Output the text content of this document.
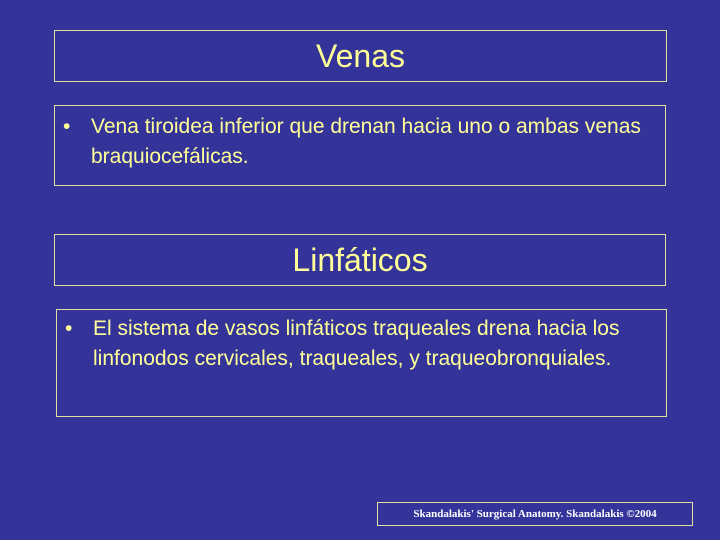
Venas
• Vena tiroidea inferior que drenan hacia uno o ambas venas braquiocefálicas.
Linfáticos
• El sistema de vasos linfáticos traqueales drena hacia los linfonodos cervicales, traqueales, y traqueobronquiales.
Skandalakis' Surgical Anatomy. Skandalakis ©2004
